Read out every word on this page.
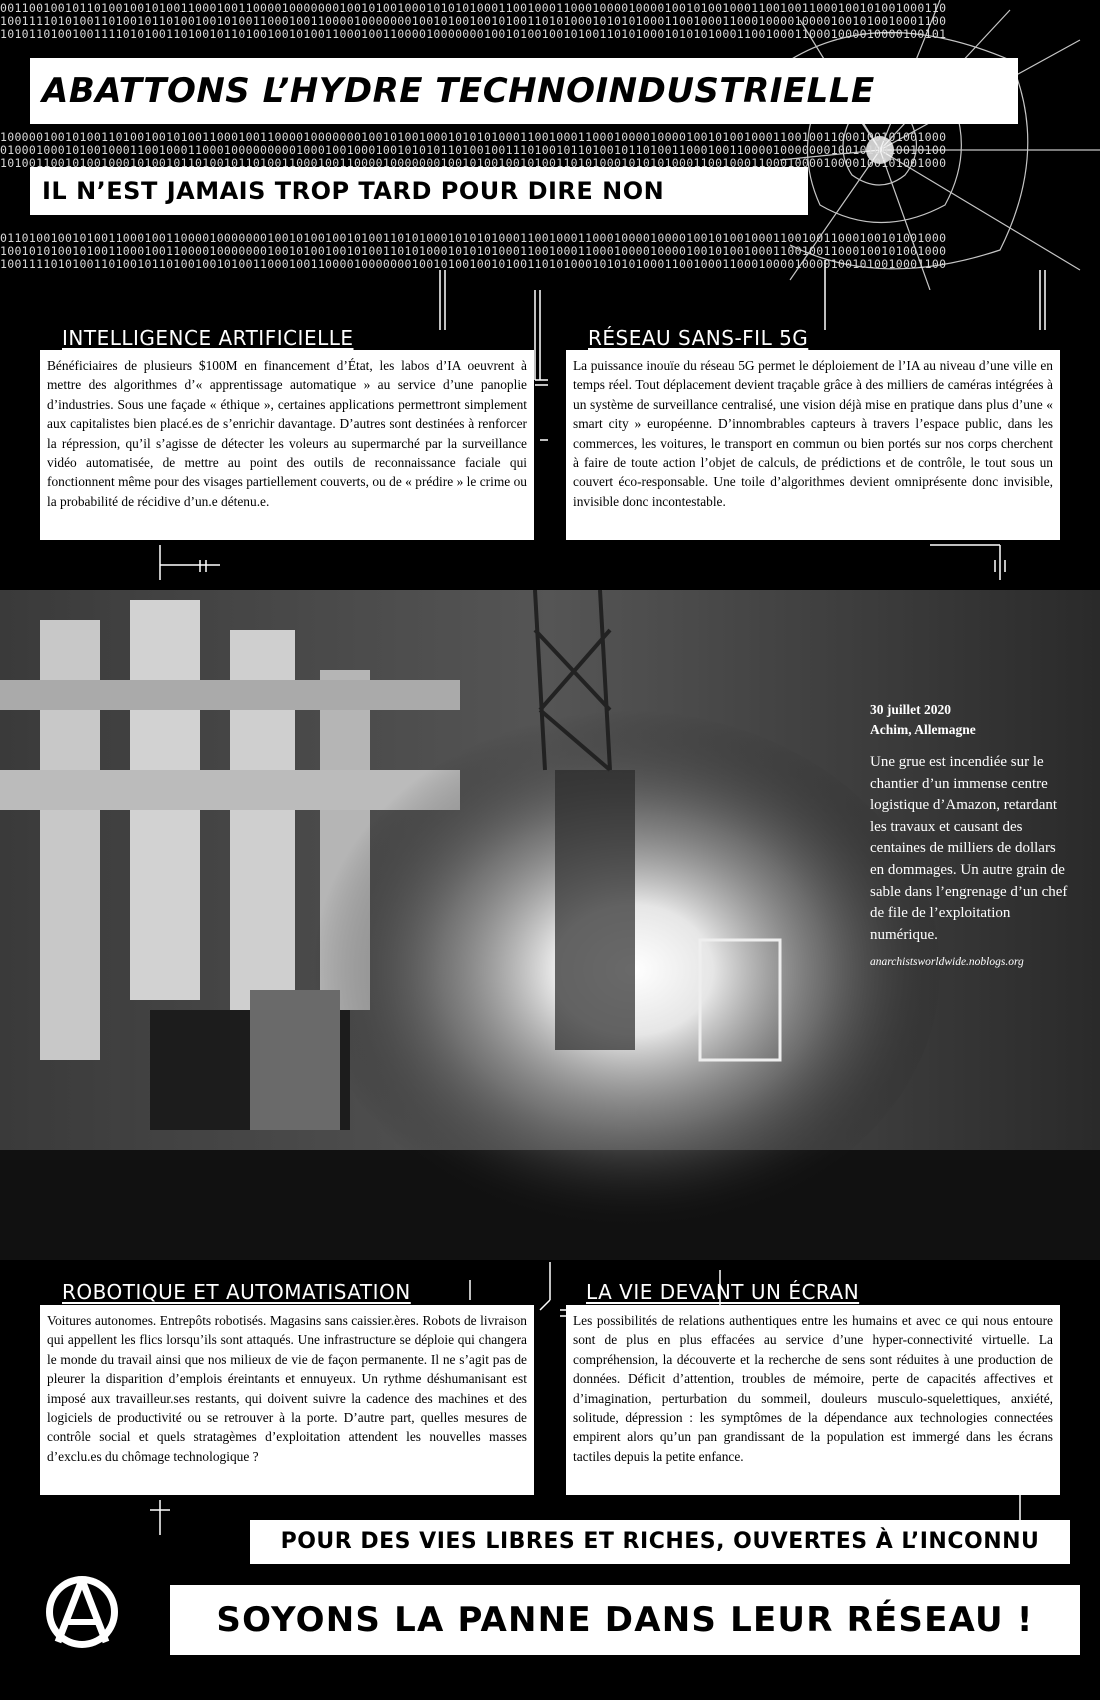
00110010010110100100101001100010011000010000000100101001000101010100011001000110001000010000100101001000110010011000100101001000110
10011110101001101001011010010010100110001001100001000000010010100100101001101010001010101000110010001100010000100001001010010001100
10101101001001111010100110100101101001001010011000100110000100000001001010010010100110101000101010100011001000110001000010000100101
ABATTONS L’HYDRE TECHNOINDUSTRIELLE
IL N’EST JAMAIS TROP TARD POUR DIRE NON
10000010010100110100100101001100010011000010000000100101001000101010100011001000110001000010000100101001000110010011000100101001000
01000100010100100011001000110001000000000100010010001001010101101001001110100101101001011010011000100110000100000001001010010010100
10100110010100100010100101101001011010011000100110000100000001001010010010100110101000101010100011001000110001000010000100101001000
01101001001010011000100110000100000001001010010010100110101000101010100011001000110001000010000100101001000110010011000100101001000
10010101001010011000100110000100000001001010010010100110101000101010100011001000110001000010000100101001000110010011000100101001000
10011110101001101001011010010010100110001001100001000000010010100100101001101010001010101000110010001100010000100001001010010001100
INTELLIGENCE ARTIFICIELLE
Bénéficiaires de plusieurs $100M en financement d’État, les labos d’IA oeuvrent à mettre des algorithmes d’« apprentissage automatique » au service d’une panoplie d’industries. Sous une façade « éthique », certaines applications permettront simplement aux capitalistes bien placé.es de s’enrichir davantage. D’autres sont destinées à renforcer la répression, qu’il s’agisse de détecter les voleurs au supermarché par la surveillance vidéo automatisée, de mettre au point des outils de reconnaissance faciale qui fonctionnent même pour des visages partiellement couverts, ou de « prédire » le crime ou la probabilité de récidive d’un.e détenu.e.
RÉSEAU SANS-FIL 5G
La puissance inouïe du réseau 5G permet le déploiement de l’IA au niveau d’une ville en temps réel. Tout déplacement devient traçable grâce à des milliers de caméras intégrées à un système de surveillance centralisé, une vision déjà mise en pratique dans plus d’une « smart city » européenne. D’innombrables capteurs à travers l’espace public, dans les commerces, les voitures, le transport en commun ou bien portés sur nos corps cherchent à faire de toute action l’objet de calculs, de prédictions et de contrôle, le tout sous un couvert éco-responsable. Une toile d’algorithmes devient omniprésente donc invisible, invisible donc incontestable.
30 juillet 2020
Achim, Allemagne
Une grue est incendiée sur le chantier d’un immense centre logistique d’Amazon, retardant les travaux et causant des centaines de milliers de dollars en dommages. Un autre grain de sable dans l’engrenage d’un chef de file de l’exploitation numérique.
anarchistsworldwide.noblogs.org
ROBOTIQUE ET AUTOMATISATION
Voitures autonomes. Entrepôts robotisés. Magasins sans caissier.ères. Robots de livraison qui appellent les flics lorsqu’ils sont attaqués. Une infrastructure se déploie qui changera le monde du travail ainsi que nos milieux de vie de façon permanente. Il ne s’agit pas de pleurer la disparition d’emplois éreintants et ennuyeux. Un rythme déshumanisant est imposé aux travailleur.ses restants, qui doivent suivre la cadence des machines et des logiciels de productivité ou se retrouver à la porte. D’autre part, quelles mesures de contrôle social et quels stratagèmes d’exploitation attendent les nouvelles masses d’exclu.es du chômage technologique ?
LA VIE DEVANT UN ÉCRAN
Les possibilités de relations authentiques entre les humains et avec ce qui nous entoure sont de plus en plus effacées au service d’une hyper-connectivité virtuelle. La compréhension, la découverte et la recherche de sens sont réduites à une production de données. Déficit d’attention, troubles de mémoire, perte de capacités affectives et d’imagination, perturbation du sommeil, douleurs musculo-squelettiques, anxiété, solitude, dépression : les symptômes de la dépendance aux technologies connectées empirent alors qu’un pan grandissant de la population est immergé dans les écrans tactiles depuis la petite enfance.
POUR DES VIES LIBRES ET RICHES, OUVERTES À L’INCONNU
SOYONS LA PANNE DANS LEUR RÉSEAU !
